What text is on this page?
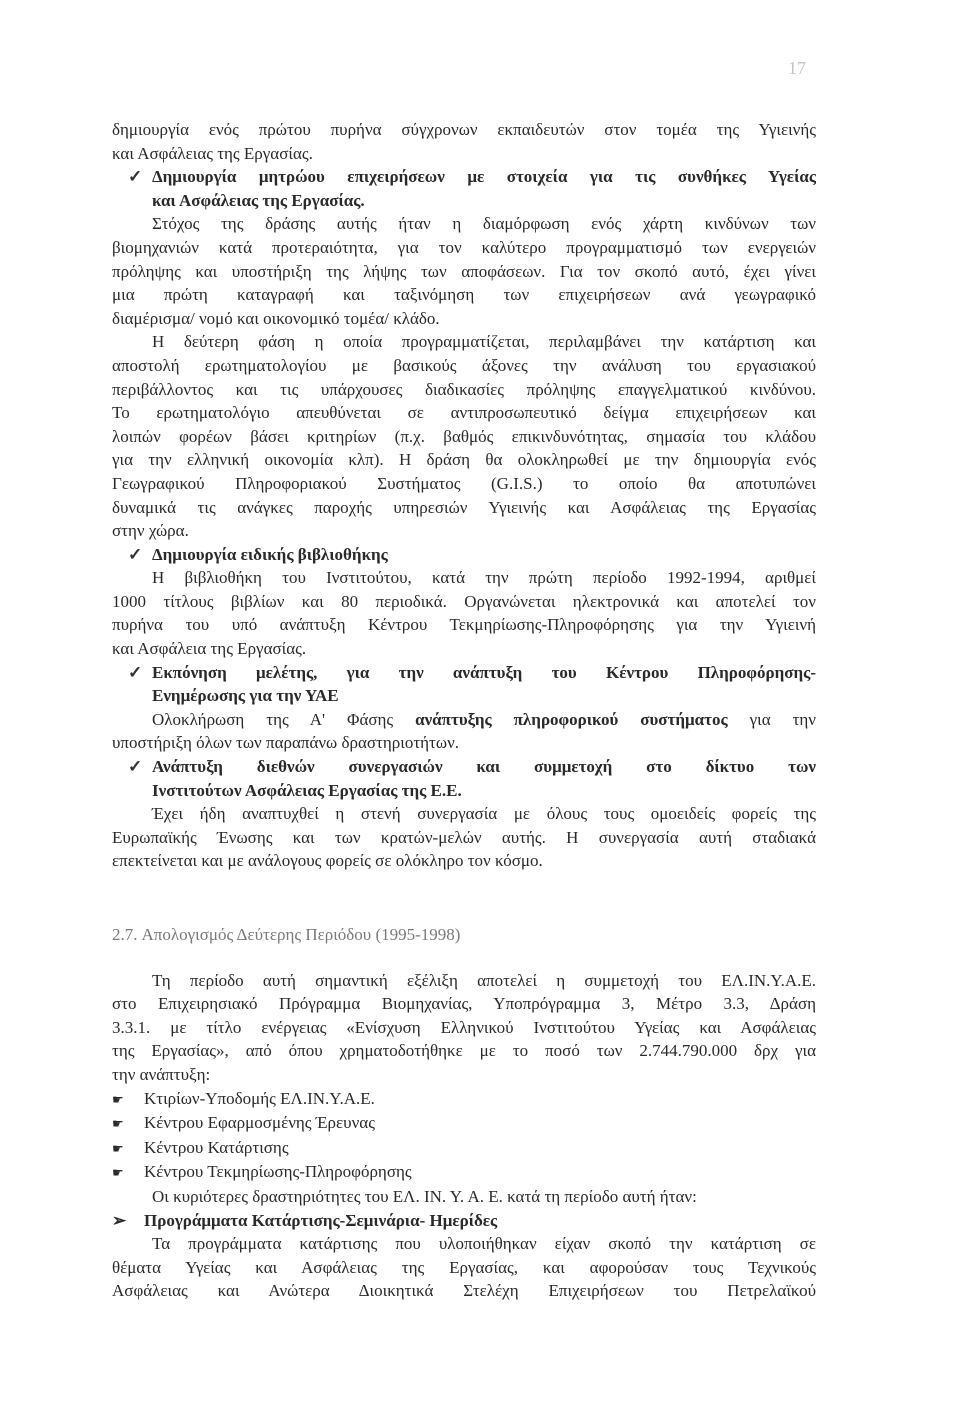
17
δημιουργία ενός πρώτου πυρήνα σύγχρονων εκπαιδευτών στον τομέα της Υγιεινής
και Ασφάλειας της Εργασίας.
✓ Δημιουργία μητρώου επιχειρήσεων με στοιχεία για τις συνθήκες Υγείας
και Ασφάλειας της Εργασίας.
Στόχος της δράσης αυτής ήταν η διαμόρφωση ενός χάρτη κινδύνων των
βιομηχανιών κατά προτεραιότητα, για τον καλύτερο προγραμματισμό των ενεργειών
πρόληψης και υποστήριξη της λήψης των αποφάσεων. Για τον σκοπό αυτό, έχει γίνει
μια πρώτη καταγραφή και ταξινόμηση των επιχειρήσεων ανά γεωγραφικό
διαμέρισμα/ νομό και οικονομικό τομέα/ κλάδο.
Η δεύτερη φάση η οποία προγραμματίζεται, περιλαμβάνει την κατάρτιση και
αποστολή ερωτηματολογίου με βασικούς άξονες την ανάλυση του εργασιακού
περιβάλλοντος και τις υπάρχουσες διαδικασίες πρόληψης επαγγελματικού κινδύνου.
Το ερωτηματολόγιο απευθύνεται σε αντιπροσωπευτικό δείγμα επιχειρήσεων και
λοιπών φορέων βάσει κριτηρίων (π.χ. βαθμός επικινδυνότητας, σημασία του κλάδου
για την ελληνική οικονομία κλπ). Η δράση θα ολοκληρωθεί με την δημιουργία ενός
Γεωγραφικού Πληροφοριακού Συστήματος (G.I.S.) το οποίο θα αποτυπώνει
δυναμικά τις ανάγκες παροχής υπηρεσιών Υγιεινής και Ασφάλειας της Εργασίας
στην χώρα.
✓ Δημιουργία ειδικής βιβλιοθήκης
Η βιβλιοθήκη του Ινστιτούτου, κατά την πρώτη περίοδο 1992-1994, αριθμεί
1000 τίτλους βιβλίων και 80 περιοδικά. Οργανώνεται ηλεκτρονικά και αποτελεί τον
πυρήνα του υπό ανάπτυξη Κέντρου Τεκμηρίωσης-Πληροφόρησης για την Υγιεινή
και Ασφάλεια της Εργασίας.
✓ Εκπόνηση μελέτης, για την ανάπτυξη του Κέντρου Πληροφόρησης-
Ενημέρωσης για την ΥΑΕ
Ολοκλήρωση της Α' Φάσης ανάπτυξης πληροφορικού συστήματος για την
υποστήριξη όλων των παραπάνω δραστηριοτήτων.
✓ Ανάπτυξη διεθνών συνεργασιών και συμμετοχή στο δίκτυο των
Ινστιτούτων Ασφάλειας Εργασίας της Ε.Ε.
Έχει ήδη αναπτυχθεί η στενή συνεργασία με όλους τους ομοειδείς φορείς της
Ευρωπαϊκής Ένωσης και των κρατών-μελών αυτής. Η συνεργασία αυτή σταδιακά
επεκτείνεται και με ανάλογους φορείς σε ολόκληρο τον κόσμο.
2.7. Απολογισμός Δεύτερης Περιόδου (1995-1998)
Τη περίοδο αυτή σημαντική εξέλιξη αποτελεί η συμμετοχή του ΕΛ.ΙΝ.Υ.Α.Ε.
στο Επιχειρησιακό Πρόγραμμα Βιομηχανίας, Υποπρόγραμμα 3, Μέτρο 3.3, Δράση
3.3.1. με τίτλο ενέργειας «Ενίσχυση Ελληνικού Ινστιτούτου Υγείας και Ασφάλειας
της Εργασίας», από όπου χρηματοδοτήθηκε με το ποσό των 2.744.790.000 δρχ για
την ανάπτυξη:
☛ Κτιρίων-Υποδομής ΕΛ.ΙΝ.Υ.Α.Ε.
☛ Κέντρου Εφαρμοσμένης Έρευνας
☛ Κέντρου Κατάρτισης
☛ Κέντρου Τεκμηρίωσης-Πληροφόρησης
Οι κυριότερες δραστηριότητες του ΕΛ. ΙΝ. Υ. Α. Ε. κατά τη περίοδο αυτή ήταν:
➢ Προγράμματα Κατάρτισης-Σεμινάρια- Ημερίδες
Τα προγράμματα κατάρτισης που υλοποιήθηκαν είχαν σκοπό την κατάρτιση σε
θέματα Υγείας και Ασφάλειας της Εργασίας, και αφορούσαν τους Τεχνικούς
Ασφάλειας και Ανώτερα Διοικητικά Στελέχη Επιχειρήσεων του Πετρελαϊκού
